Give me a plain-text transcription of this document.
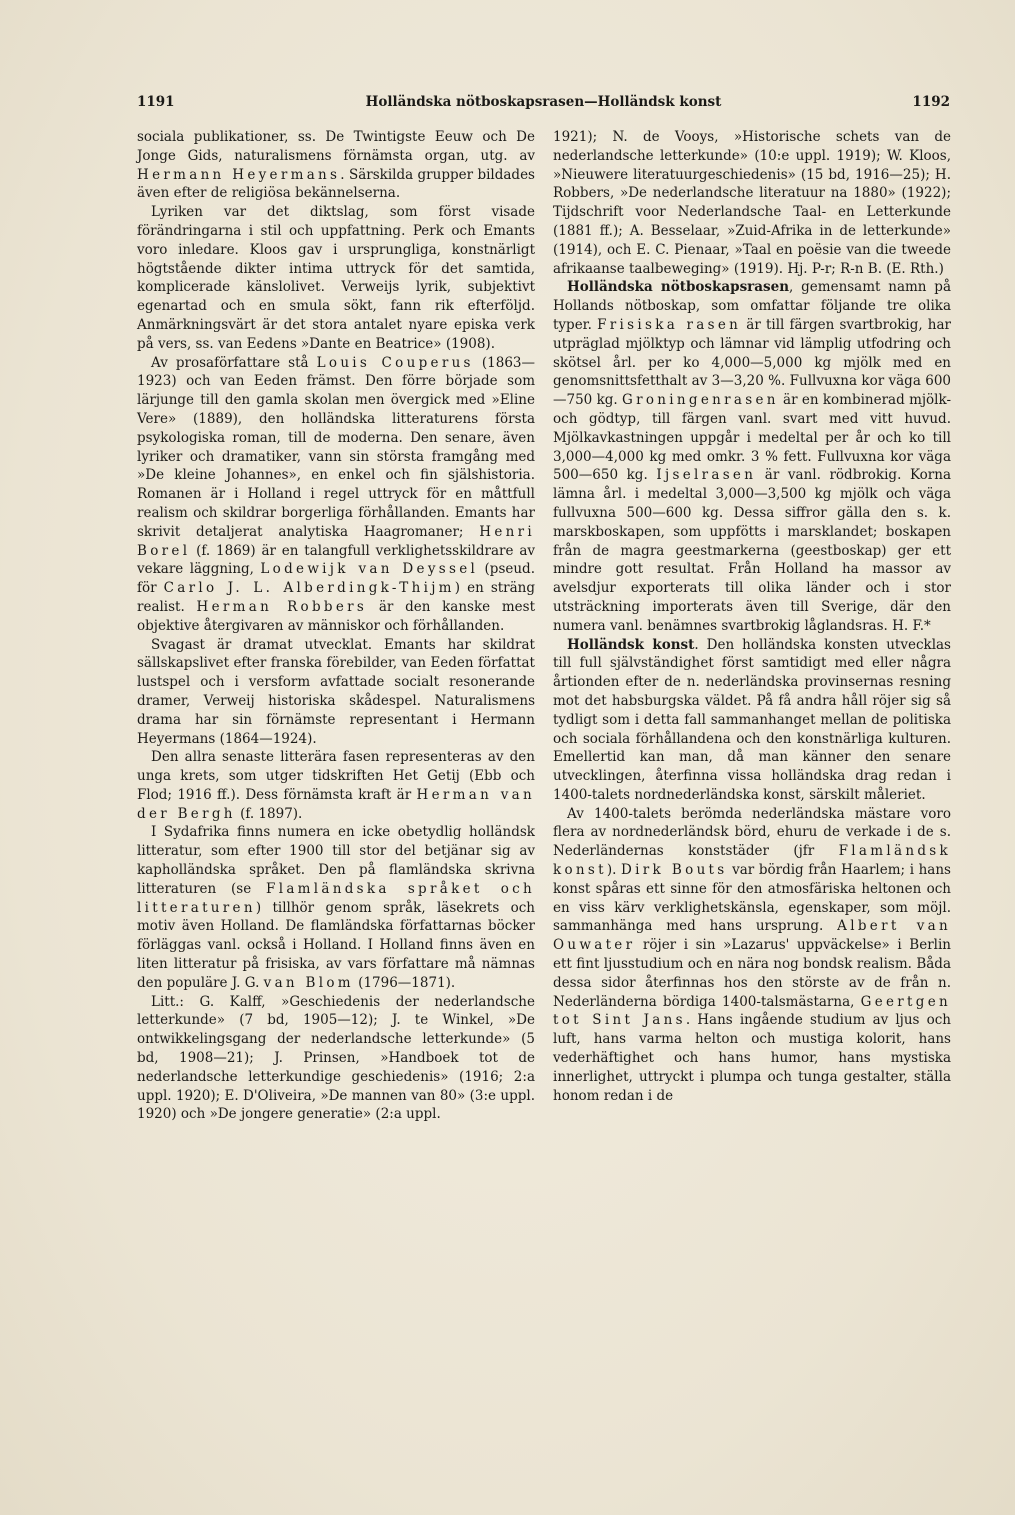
1191	Holländska nötboskapsrasen—Holländsk konst	1192

sociala publikationer, ss. De Twintigste Eeuw och De Jonge Gids, naturalismens förnämsta organ, utg. av Hermann Heyermans. Särskilda grupper bildades även efter de religiösa bekännelserna.

Lyriken var det diktslag, som först visade förändringarna i stil och uppfattning. Perk och Emants voro inledare. Kloos gav i ursprungliga, konstnärligt högtstående dikter intima uttryck för det samtida, komplicerade känslolivet. Verweijs lyrik, subjektivt egenartad och en smula sökt, fann rik efterföljd. Anmärkningsvärt är det stora antalet nyare episka verk på vers, ss. van Eedens »Dante en Beatrice» (1908).

Av prosaförfattare stå Louis Couperus (1863—1923) och van Eeden främst. Den förre började som lärjunge till den gamla skolan men övergick med »Eline Vere» (1889), den holländska litteraturens första psykologiska roman, till de moderna. Den senare, även lyriker och dramatiker, vann sin största framgång med »De kleine Johannes», en enkel och fin själshistoria. Romanen är i Holland i regel uttryck för en måttfull realism och skildrar borgerliga förhållanden. Emants har skrivit detaljerat analytiska Haagromaner; Henri Borel (f. 1869) är en talangfull verklighetsskildrare av vekare läggning, Lodewijk van Deyssel (pseud. för Carlo J. L. Alberdingk-Thijm) en sträng realist. Herman Robbers är den kanske mest objektive återgivaren av människor och förhållanden.

Svagast är dramat utvecklat. Emants har skildrat sällskapslivet efter franska förebilder, van Eeden författat lustspel och i versform avfattade socialt resonerande dramer, Verweij historiska skådespel. Naturalismens drama har sin förnämste representant i Hermann Heyermans (1864—1924).

Den allra senaste litterära fasen representeras av den unga krets, som utger tidskriften Het Getij (Ebb och Flod; 1916 ff.). Dess förnämsta kraft är Herman van der Bergh (f. 1897).

I Sydafrika finns numera en icke obetydlig holländsk litteratur, som efter 1900 till stor del betjänar sig av kapholländska språket. Den på flamländska skrivna litteraturen (se Flamländska språket och litteraturen) tillhör genom språk, läsekrets och motiv även Holland. De flamländska författarnas böcker förläggas vanl. också i Holland. I Holland finns även en liten litteratur på frisiska, av vars författare må nämnas den populäre J. G. van Blom (1796—1871).

Litt.: G. Kalff, »Geschiedenis der nederlandsche letterkunde» (7 bd, 1905—12); J. te Winkel, »De ontwikkelingsgang der nederlandsche letterkunde» (5 bd, 1908—21); J. Prinsen, »Handboek tot de nederlandsche letterkundige geschiedenis» (1916; 2:a uppl. 1920); E. D'Oliveira, »De mannen van 80» (3:e uppl. 1920) och »De jongere generatie» (2:a uppl.

1921); N. de Vooys, »Historische schets van de nederlandsche letterkunde» (10:e uppl. 1919); W. Kloos, »Nieuwere literatuurgeschiedenis» (15 bd, 1916—25); H. Robbers, »De nederlandsche literatuur na 1880» (1922); Tijdschrift voor Nederlandsche Taal- en Letterkunde (1881 ff.); A. Besselaar, »Zuid-Afrika in de letterkunde» (1914), och E. C. Pienaar, »Taal en poësie van die tweede afrikaanse taalbeweging» (1919). Hj. P-r; R-n B. (E. Rth.)

Holländska nötboskapsrasen, gemensamt namn på Hollands nötboskap, som omfattar följande tre olika typer. Frisiska rasen är till färgen svartbrokig, har utpräglad mjölktyp och lämnar vid lämplig utfodring och skötsel årl. per ko 4,000—5,000 kg mjölk med en genomsnittsfetthalt av 3—3,20 %. Fullvuxna kor väga 600—750 kg. Groningenrasen är en kombinerad mjölk- och gödtyp, till färgen vanl. svart med vitt huvud. Mjölkavkastningen uppgår i medeltal per år och ko till 3,000—4,000 kg med omkr. 3 % fett. Fullvuxna kor väga 500—650 kg. Ijselrasen är vanl. rödbrokig. Korna lämna årl. i medeltal 3,000—3,500 kg mjölk och väga fullvuxna 500—600 kg. Dessa siffror gälla den s. k. marskboskapen, som uppfötts i marsklandet; boskapen från de magra geestmarkerna (geestboskap) ger ett mindre gott resultat. Från Holland ha massor av avelsdjur exporterats till olika länder och i stor utsträckning importerats även till Sverige, där den numera vanl. benämnes svartbrokig låglandsras. H. F.*

Holländsk konst. Den holländska konsten utvecklas till full självständighet först samtidigt med eller några årtionden efter de n. nederländska provinsernas resning mot det habsburgska väldet. På få andra håll röjer sig så tydligt som i detta fall sammanhanget mellan de politiska och sociala förhållandena och den konstnärliga kulturen. Emellertid kan man, då man känner den senare utvecklingen, återfinna vissa holländska drag redan i 1400-talets nordnederländska konst, särskilt måleriet.

Av 1400-talets berömda nederländska mästare voro flera av nordnederländsk börd, ehuru de verkade i de s. Nederländernas konststäder (jfr Flamländsk konst). Dirk Bouts var bördig från Haarlem; i hans konst spåras ett sinne för den atmosfäriska heltonen och en viss kärv verklighetskänsla, egenskaper, som möjl. sammanhänga med hans ursprung. Albert van Ouwater röjer i sin »Lazarus' uppväckelse» i Berlin ett fint ljusstudium och en nära nog bondsk realism. Båda dessa sidor återfinnas hos den störste av de från n. Nederländerna bördiga 1400-talsmästarna, Geertgen tot Sint Jans. Hans ingående studium av ljus och luft, hans varma helton och mustiga kolorit, hans vederhäftighet och hans humor, hans mystiska innerlighet, uttryckt i plumpa och tunga gestalter, ställa honom redan i de
